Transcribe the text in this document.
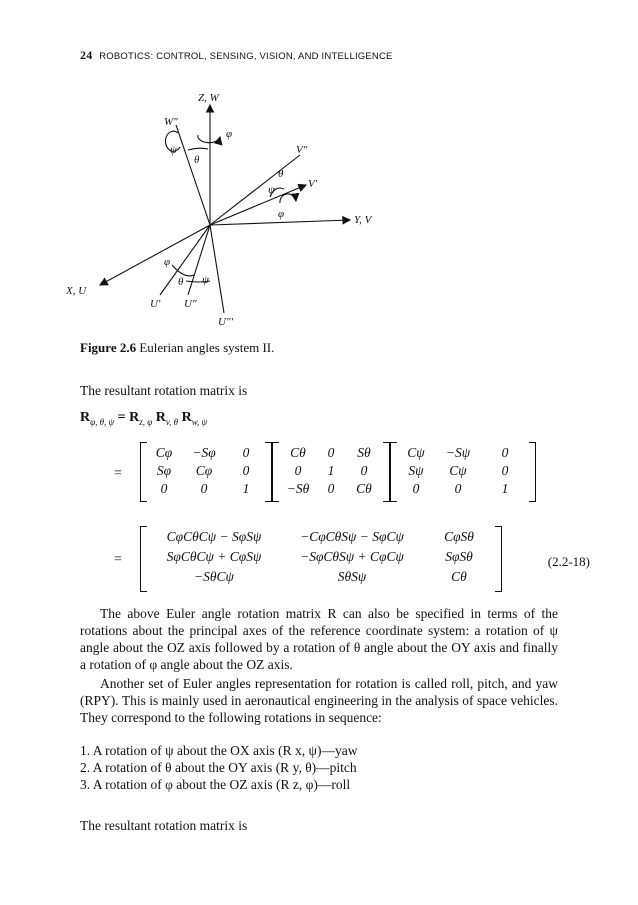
24 ROBOTICS: CONTROL, SENSING, VISION, AND INTELLIGENCE
Z, W
Y, V
X, U
W"
V"
V'
U' U"
U"'
φ
ψ
θ
θ
ψ
φ
φ
θ ψ
Figure 2.6 Eulerian angles system II.
The resultant rotation matrix is
$R_{\varphi, \theta, \psi} = R_{z, \varphi}$ $R_{v, \theta}$ $R_{w, \psi}$
=
=	(2.2-18)
The above Euler angle rotation matrix R can also be specified in terms of the rotations about the principal axes of the reference coordinate system: a rotation of ψ angle about the OZ axis followed by a rotation of θ angle about the OY axis and finally a rotation of φ angle about the OZ axis.
Another set of Euler angles representation for rotation is called roll, pitch, and yaw (RPY). This is mainly used in aeronautical engineering in the analysis of space vehicles. They correspond to the following rotations in sequence:
1. A rotation of ψ about the OX axis (R x, ψ)—yaw
2. A rotation of θ about the OY axis (R y, θ)—pitch
3. A rotation of φ about the OZ axis (R z, φ)—roll
The resultant rotation matrix is
Cφ	−Sφ	0
Sφ	Cφ	0
0	0	1
Cθ	0	Sθ
0	1	0
−Sθ	0	Cθ
Cψ	−Sψ	0
Sψ	Cψ	0
0	0	1
CφCθCψ − SφSψ	−CφCθSψ − SφCψ	CφSθ
SφCθCψ + CφSψ	−SφCθSψ + CφCψ	SφSθ
−SθCψ	SθSψ	Cθ
